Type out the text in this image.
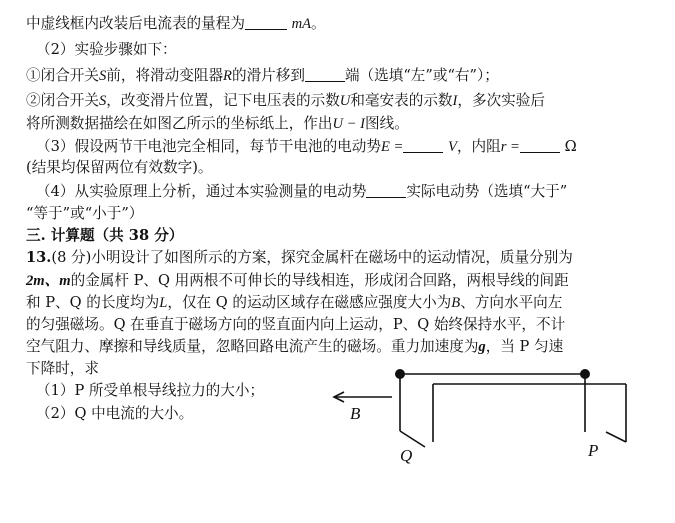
中虚线框内改装后电流表的量程为	mA。
（2）实验步骤如下：
①闭合开关S前，将滑动变阻器R的滑片移到	端（选填“左”或“右”）；
②闭合开关S，改变滑片位置，记下电压表的示数U和毫安表的示数I，多次实验后
将所测数据描绘在如图乙所示的坐标纸上，作出U − I图线。
（3）假设两节干电池完全相同，每节干电池的电动势E =	V，内阻r =	Ω
(结果均保留两位有效数字)。
（4）从实验原理上分析，通过本实验测量的电动势	实际电动势（选填“大于”
“等于”或“小于”）
三. 计算题（共 38 分）
13.(8 分)小明设计了如图所示的方案，探究金属杆在磁场中的运动情况，质量分别为
2m、m的金属杆 P、Q 用两根不可伸长的导线相连，形成闭合回路，两根导线的间距
和 P、Q 的长度均为L，仅在 Q 的运动区域存在磁感应强度大小为B、方向水平向左
的匀强磁场。Q 在垂直于磁场方向的竖直面内向上运动，P、Q 始终保持水平，不计
空气阻力、摩擦和导线质量，忽略回路电流产生的磁场。重力加速度为g，当 P 匀速
下降时，求
（1）P 所受单根导线拉力的大小；
（2）Q 中电流的大小。	B
Q	P
